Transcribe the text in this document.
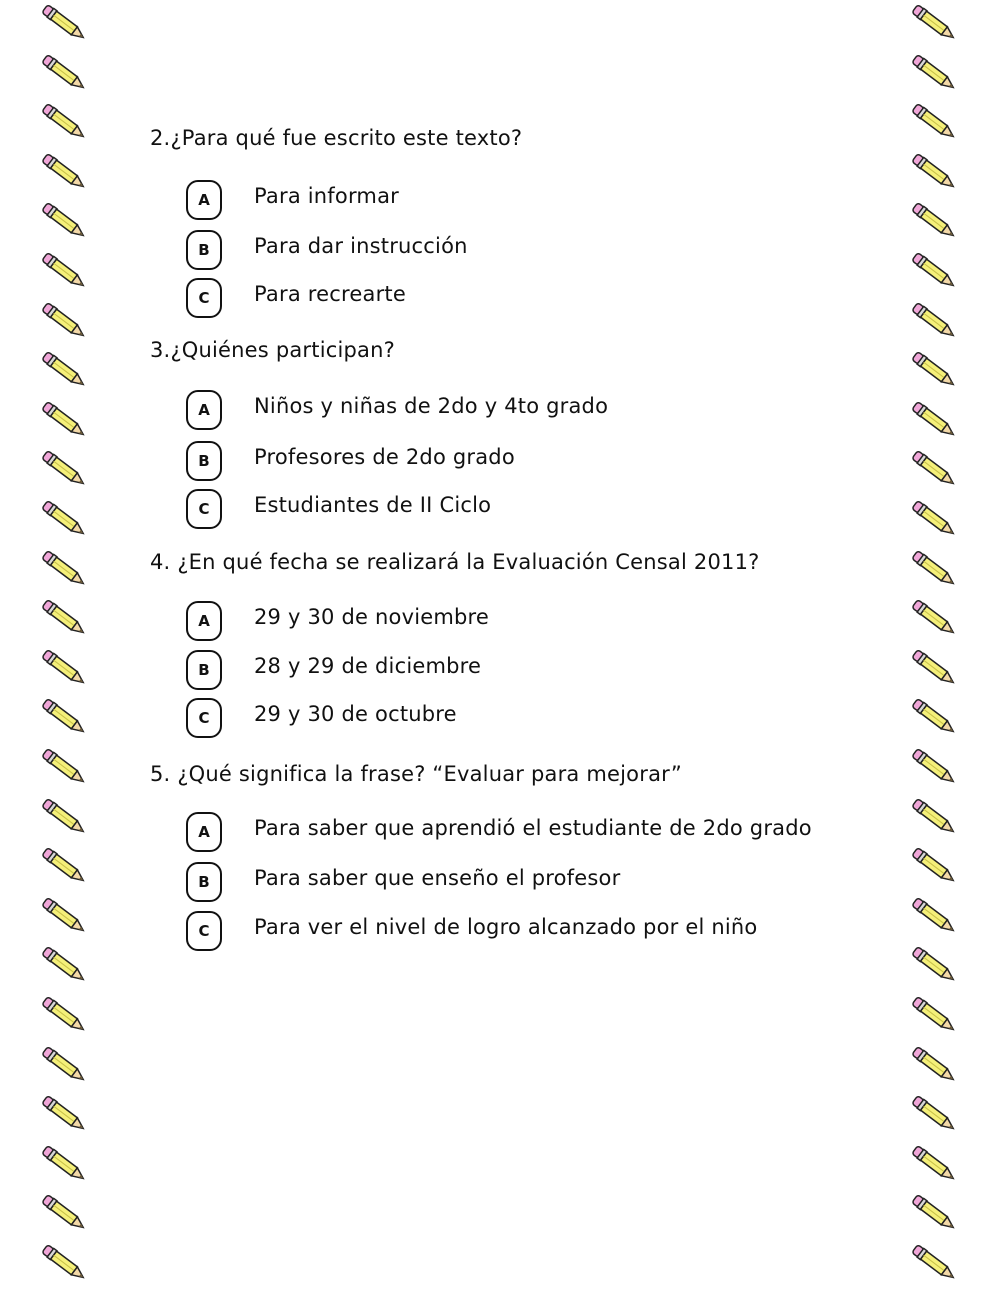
2.¿Para qué fue escrito este texto?
A	Para informar
B	Para dar instrucción
C	Para recrearte
3.¿Quiénes participan?
A	Niños y niñas de 2do y 4to grado
B	Profesores de 2do grado
C	Estudiantes de II Ciclo
4. ¿En qué fecha se realizará la Evaluación Censal 2011?
A	29 y 30 de noviembre
B	28 y 29 de diciembre
C	29 y 30 de octubre
5. ¿Qué significa la frase? “Evaluar para mejorar”
A	Para saber que aprendió el estudiante de 2do grado
B	Para saber que enseño el profesor
C	Para ver el nivel de logro alcanzado por el niño
